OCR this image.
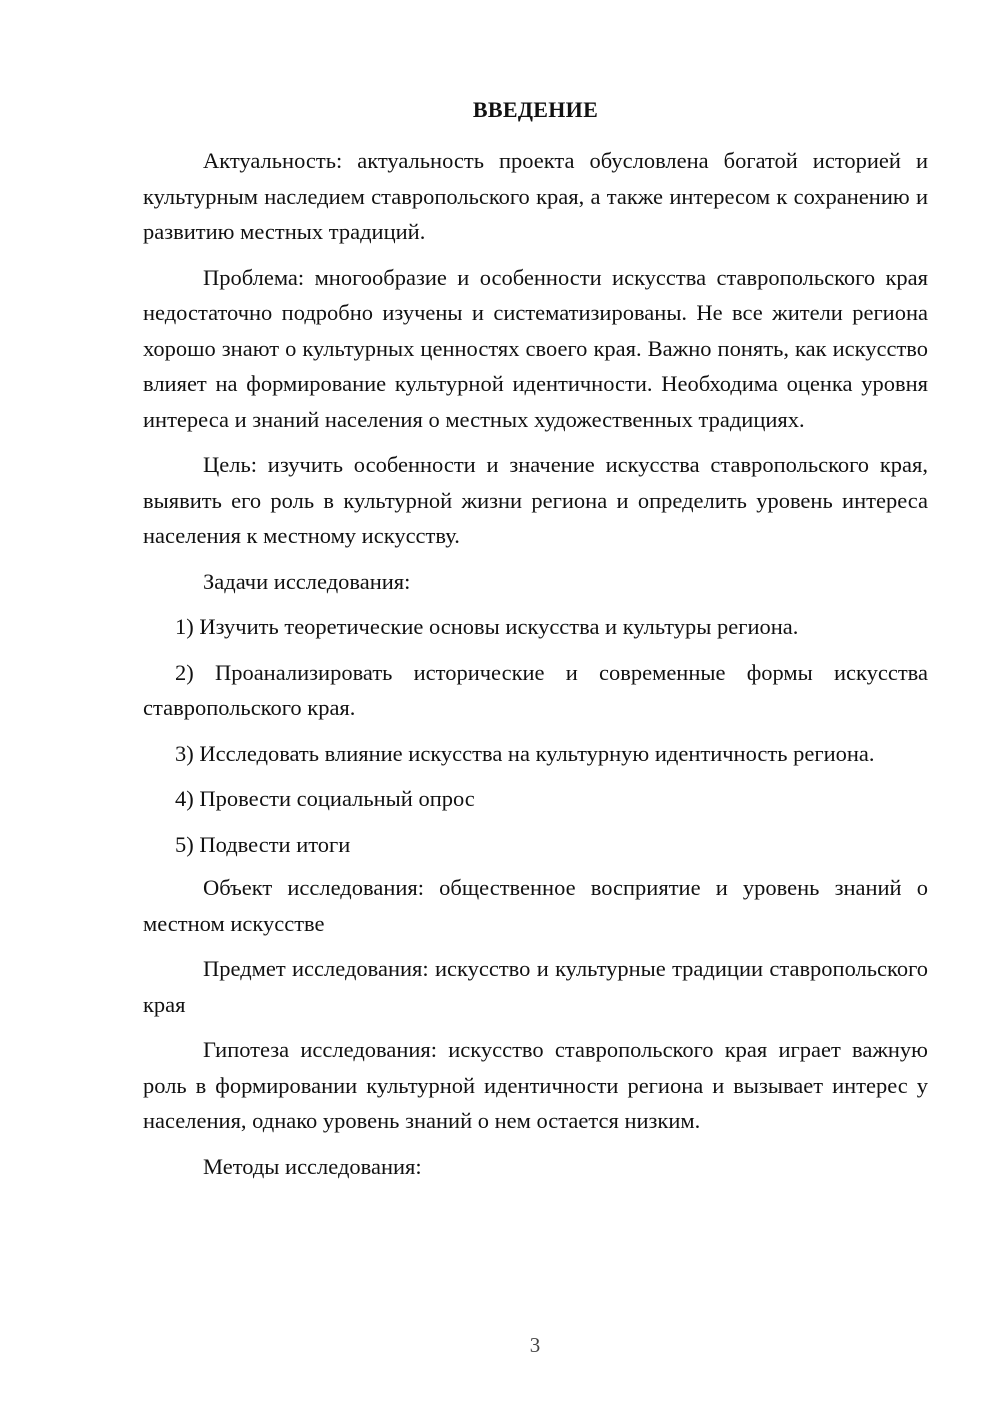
ВВЕДЕНИЕ

Актуальность: актуальность проекта обусловлена богатой историей и культурным наследием ставропольского края, а также интересом к сохранению и развитию местных традиций.

Проблема: многообразие и особенности искусства ставропольского края недостаточно подробно изучены и систематизированы. Не все жители региона хорошо знают о культурных ценностях своего края. Важно понять, как искусство влияет на формирование культурной идентичности. Необходима оценка уровня интереса и знаний населения о местных художественных традициях.

Цель: изучить особенности и значение искусства ставропольского края, выявить его роль в культурной жизни региона и определить уровень интереса населения к местному искусству.

Задачи исследования:

1) Изучить теоретические основы искусства и культуры региона.

2) Проанализировать исторические и современные формы искусства ставропольского края.

3) Исследовать влияние искусства на культурную идентичность региона.

4) Провести социальный опрос

5) Подвести итоги

Объект исследования: общественное восприятие и уровень знаний о местном искусстве

Предмет исследования: искусство и культурные традиции ставропольского края

Гипотеза исследования: искусство ставропольского края играет важную роль в формировании культурной идентичности региона и вызывает интерес у населения, однако уровень знаний о нем остается низким.

Методы исследования:

3
